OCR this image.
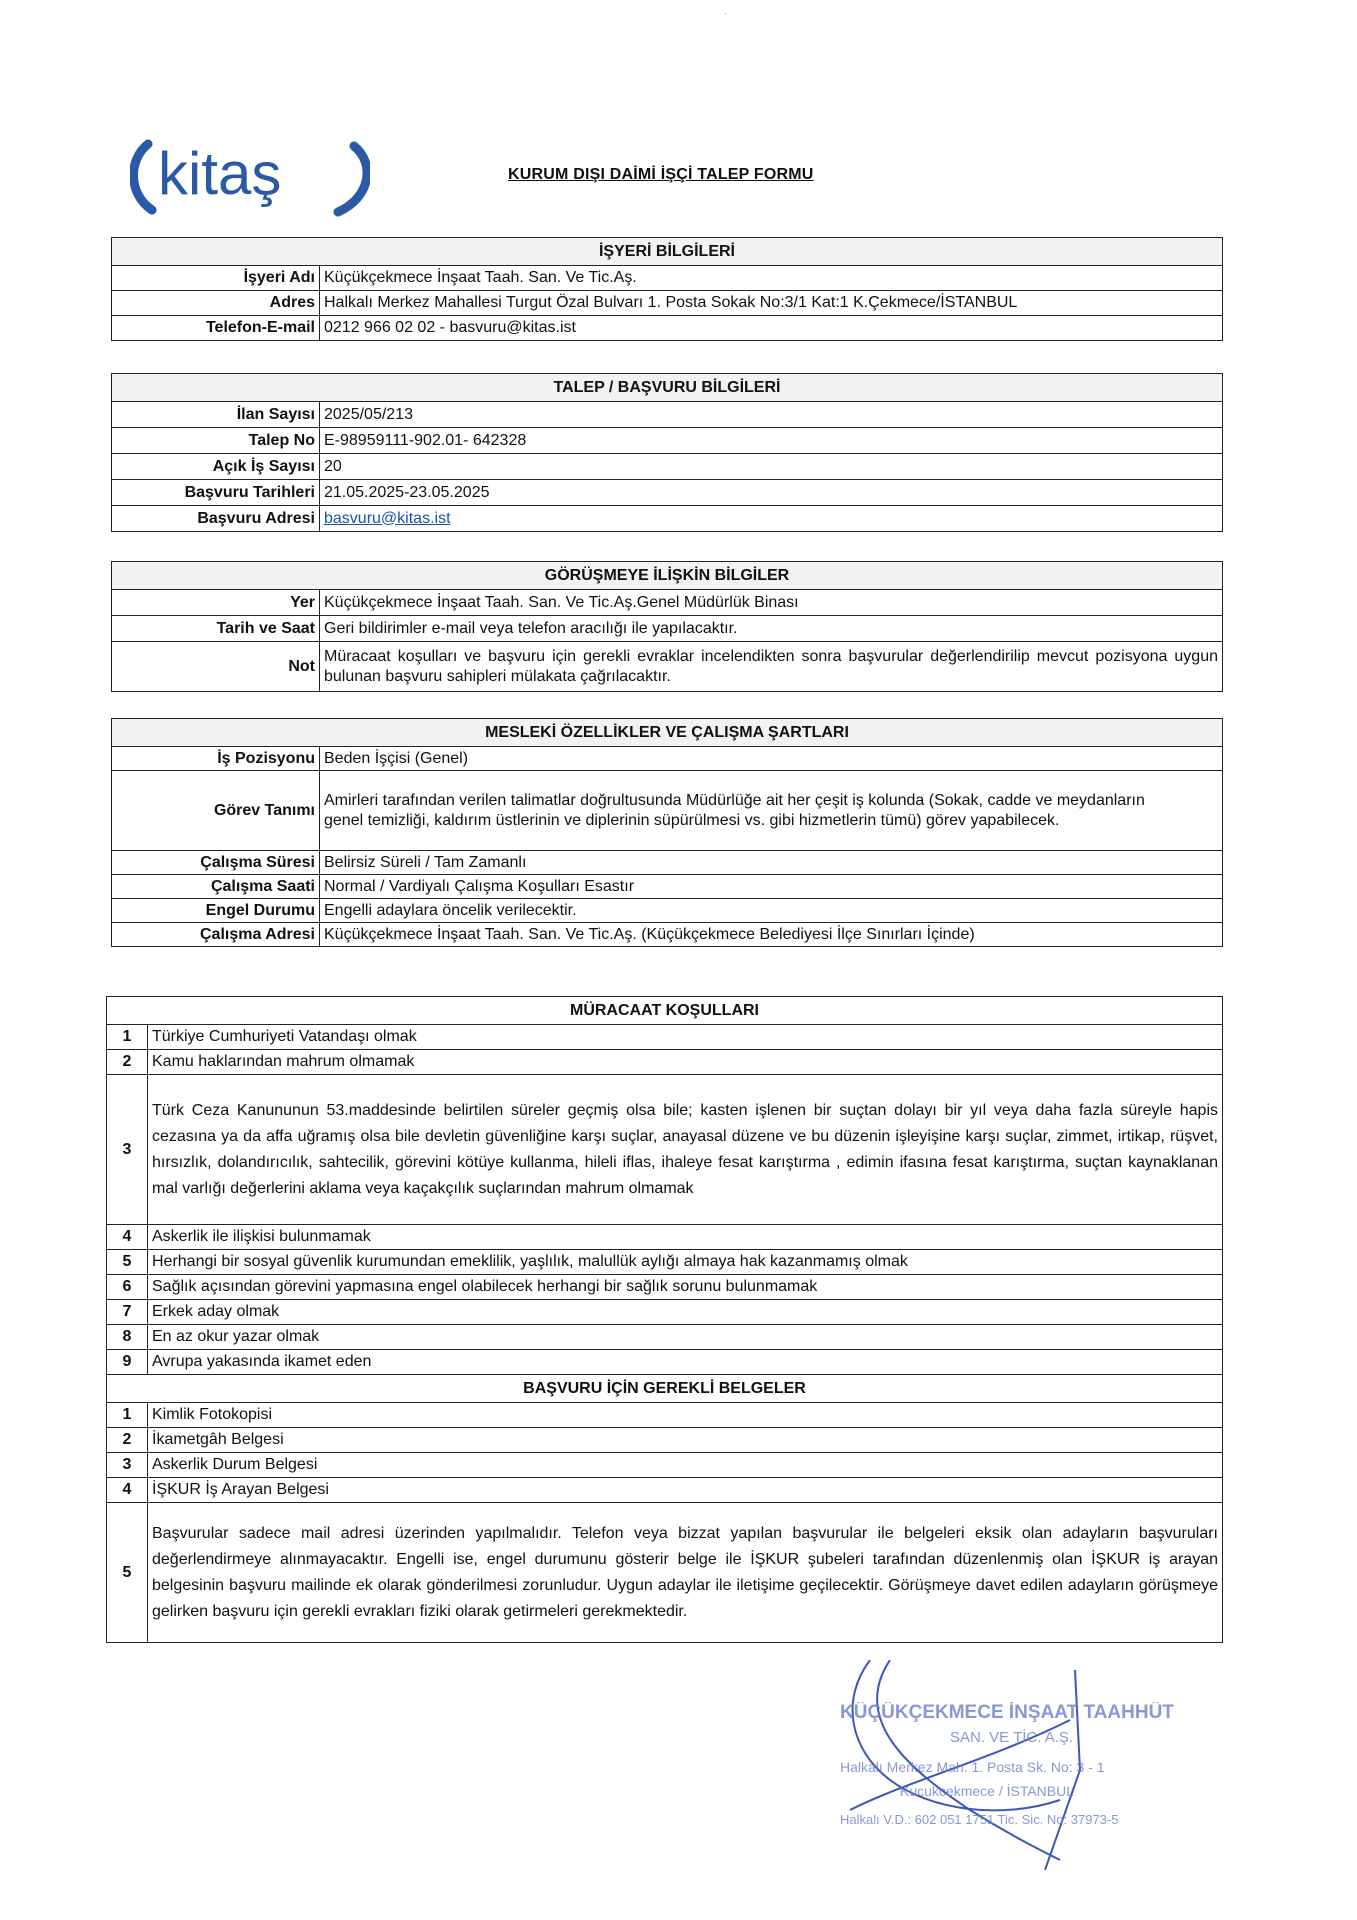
·
kitaş	KURUM DIŞI DAİMİ İŞÇİ TALEP FORMU
İŞYERİ BİLGİLERİ	
İşyeri Adı	Küçükçekmece İnşaat Taah. San. Ve Tic.Aş.
Adres	Halkalı Merkez Mahallesi Turgut Özal Bulvarı 1. Posta Sokak No:3/1 Kat:1 K.Çekmece/İSTANBUL
Telefon-E-mail	0212 966 02 02 - basvuru@kitas.ist
TALEP / BAŞVURU BİLGİLERİ	
İlan Sayısı	2025/05/213
Talep No	E-98959111-902.01- 642328
Açık İş Sayısı	20
Başvuru Tarihleri	21.05.2025-23.05.2025
Başvuru Adresi	basvuru@kitas.ist
GÖRÜŞMEYE İLİŞKİN BİLGİLER	
Yer	Küçükçekmece İnşaat Taah. San. Ve Tic.Aş.Genel Müdürlük Binası
Tarih ve Saat	Geri bildirimler e-mail veya telefon aracılığı ile yapılacaktır.
Not	Müracaat koşulları ve başvuru için gerekli evraklar incelendikten sonra başvurular değerlendirilip mevcut pozisyona uygun bulunan başvuru sahipleri mülakata çağrılacaktır.
MESLEKİ ÖZELLİKLER VE ÇALIŞMA ŞARTLARI	
İş Pozisyonu	Beden İşçisi (Genel)
Görev Tanımı	Amirleri tarafından verilen talimatlar doğrultusunda Müdürlüğe ait her çeşit iş kolunda (Sokak, cadde ve meydanların genel temizliği, kaldırım üstlerinin ve diplerinin süpürülmesi vs. gibi hizmetlerin tümü) görev yapabilecek.
Çalışma Süresi	Belirsiz Süreli / Tam Zamanlı
Çalışma Saati	Normal / Vardiyalı Çalışma Koşulları Esastır
Engel Durumu	Engelli adaylara öncelik verilecektir.
Çalışma Adresi	Küçükçekmece İnşaat Taah. San. Ve Tic.Aş. (Küçükçekmece Belediyesi İlçe Sınırları İçinde)
MÜRACAAT KOŞULLARI	
1	Türkiye Cumhuriyeti Vatandaşı olmak
2	Kamu haklarından mahrum olmamak
3	Türk Ceza Kanununun 53.maddesinde belirtilen süreler geçmiş olsa bile; kasten işlenen bir suçtan dolayı bir yıl veya daha fazla süreyle hapis cezasına ya da affa uğramış olsa bile devletin güvenliğine karşı suçlar, anayasal düzene ve bu düzenin işleyişine karşı suçlar, zimmet, irtikap, rüşvet, hırsızlık, dolandırıcılık, sahtecilik, görevini kötüye kullanma, hileli iflas, ihaleye fesat karıştırma , edimin ifasına fesat karıştırma, suçtan kaynaklanan mal varlığı değerlerini aklama veya kaçakçılık suçlarından mahrum olmamak
4	Askerlik ile ilişkisi bulunmamak
5	Herhangi bir sosyal güvenlik kurumundan emeklilik, yaşlılık, malullük aylığı almaya hak kazanmamış olmak
6	Sağlık açısından görevini yapmasına engel olabilecek herhangi bir sağlık sorunu bulunmamak
7	Erkek aday olmak
8	En az okur yazar olmak
9	Avrupa yakasında ikamet eden
BAŞVURU İÇİN GEREKLİ BELGELER	
1	Kimlik Fotokopisi
2	İkametgâh Belgesi
3	Askerlik Durum Belgesi
4	İŞKUR İş Arayan Belgesi
5	Başvurular sadece mail adresi üzerinden yapılmalıdır. Telefon veya bizzat yapılan başvurular ile belgeleri eksik olan adayların başvuruları değerlendirmeye alınmayacaktır. Engelli ise, engel durumunu gösterir belge ile İŞKUR şubeleri tarafından düzenlenmiş olan İŞKUR iş arayan belgesinin başvuru mailinde ek olarak gönderilmesi zorunludur. Uygun adaylar ile iletişime geçilecektir. Görüşmeye davet edilen adayların görüşmeye gelirken başvuru için gerekli evrakları fiziki olarak getirmeleri gerekmektedir.
KÜÇÜKÇEKMECE İNŞAAT TAAHHÜT
SAN. VE TİC. A.Ş.
Halkalı Merkez Mah. 1. Posta Sk. No: 3 - 1
Kucukcekmece / İSTANBUL
Halkalı V.D.: 602 051 1751 Tic. Sic. No: 37973-5
